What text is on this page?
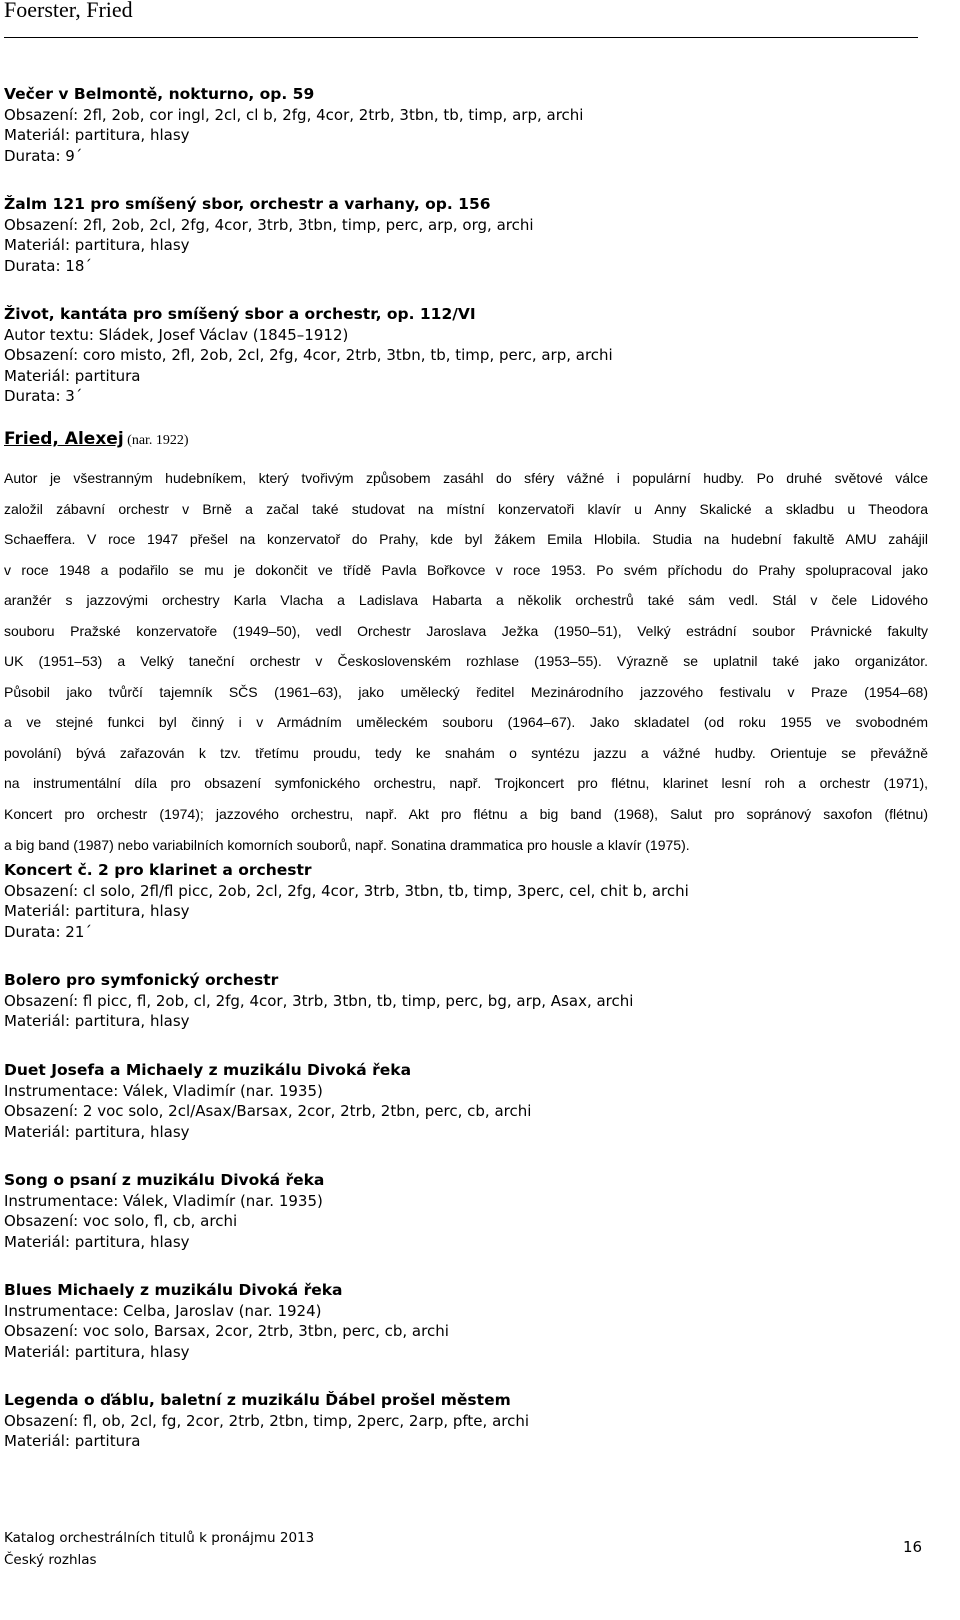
Foerster, Fried
Večer v Belmontě, nokturno, op. 59
Obsazení: 2fl, 2ob, cor ingl, 2cl, cl b, 2fg, 4cor, 2trb, 3tbn, tb, timp, arp, archi
Materiál: partitura, hlasy
Durata: 9´
Žalm 121 pro smíšený sbor, orchestr a varhany, op. 156
Obsazení: 2fl, 2ob, 2cl, 2fg, 4cor, 3trb, 3tbn, timp, perc, arp, org, archi
Materiál: partitura, hlasy
Durata: 18´
Život, kantáta pro smíšený sbor a orchestr, op. 112/VI
Autor textu: Sládek, Josef Václav (1845–1912)
Obsazení: coro misto, 2fl, 2ob, 2cl, 2fg, 4cor, 2trb, 3tbn, tb, timp, perc, arp, archi
Materiál: partitura
Durata: 3´
Fried, Alexej (nar. 1922)
Autor je všestranným hudebníkem, který tvořivým způsobem zasáhl do sféry vážné i populární hudby. Po druhé světové válce
založil zábavní orchestr v Brně a začal také studovat na místní konzervatoři klavír u Anny Skalické a skladbu u Theodora
Schaeffera. V roce 1947 přešel na konzervatoř do Prahy, kde byl žákem Emila Hlobila. Studia na hudební fakultě AMU zahájil
v roce 1948 a podařilo se mu je dokončit ve třídě Pavla Bořkovce v roce 1953. Po svém příchodu do Prahy spolupracoval jako
aranžér s jazzovými orchestry Karla Vlacha a Ladislava Habarta a několik orchestrů také sám vedl. Stál v čele Lidového
souboru Pražské konzervatoře (1949–50), vedl Orchestr Jaroslava Ježka (1950–51), Velký estrádní soubor Právnické fakulty
UK (1951–53) a Velký taneční orchestr v Československém rozhlase (1953–55). Výrazně se uplatnil také jako organizátor.
Působil jako tvůrčí tajemník SČS (1961–63), jako umělecký ředitel Mezinárodního jazzového festivalu v Praze (1954–68)
a ve stejné funkci byl činný i v Armádním uměleckém souboru (1964–67). Jako skladatel (od roku 1955 ve svobodném
povolání) bývá zařazován k tzv. třetímu proudu, tedy ke snahám o syntézu jazzu a vážné hudby. Orientuje se převážně
na instrumentální díla pro obsazení symfonického orchestru, např. Trojkoncert pro flétnu, klarinet lesní roh a orchestr (1971),
Koncert pro orchestr (1974); jazzového orchestru, např. Akt pro flétnu a big band (1968), Salut pro sopránový saxofon (flétnu)
a big band (1987) nebo variabilních komorních souborů, např. Sonatina drammatica pro housle a klavír (1975).
Koncert č. 2 pro klarinet a orchestr
Obsazení: cl solo, 2fl/fl picc, 2ob, 2cl, 2fg, 4cor, 3trb, 3tbn, tb, timp, 3perc, cel, chit b, archi
Materiál: partitura, hlasy
Durata: 21´
Bolero pro symfonický orchestr
Obsazení: fl picc, fl, 2ob, cl, 2fg, 4cor, 3trb, 3tbn, tb, timp, perc, bg, arp, Asax, archi
Materiál: partitura, hlasy
Duet Josefa a Michaely z muzikálu Divoká řeka
Instrumentace: Válek, Vladimír (nar. 1935)
Obsazení: 2 voc solo, 2cl/Asax/Barsax, 2cor, 2trb, 2tbn, perc, cb, archi
Materiál: partitura, hlasy
Song o psaní z muzikálu Divoká řeka
Instrumentace: Válek, Vladimír (nar. 1935)
Obsazení: voc solo, fl, cb, archi
Materiál: partitura, hlasy
Blues Michaely z muzikálu Divoká řeka
Instrumentace: Celba, Jaroslav (nar. 1924)
Obsazení: voc solo, Barsax, 2cor, 2trb, 3tbn, perc, cb, archi
Materiál: partitura, hlasy
Legenda o ďáblu, baletní z muzikálu Ďábel prošel městem
Obsazení: fl, ob, 2cl, fg, 2cor, 2trb, 2tbn, timp, 2perc, 2arp, pfte, archi
Materiál: partitura
Katalog orchestrálních titulů k pronájmu 2013
Český rozhlas
16
